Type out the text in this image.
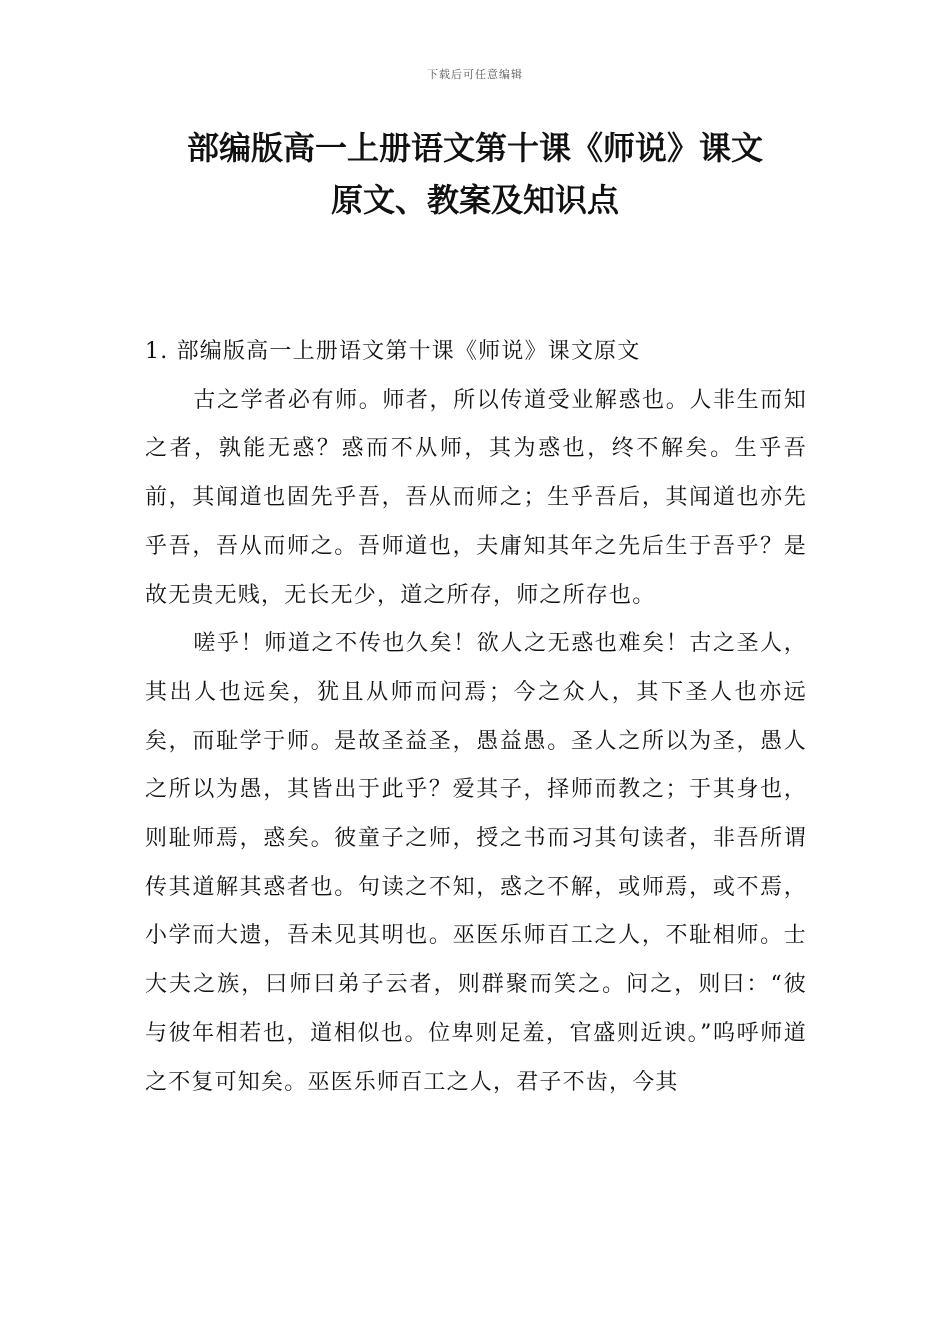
下载后可任意编辑
部编版高一上册语文第十课《师说》课文
原文、教案及知识点

1. 部编版高一上册语文第十课《师说》课文原文

古之学者必有师。师者，所以传道受业解惑也。人非生而知之者，孰能无惑？惑而不从师，其为惑也，终不解矣。生乎吾前，其闻道也固先乎吾，吾从而师之；生乎吾后，其闻道也亦先乎吾，吾从而师之。吾师道也，夫庸知其年之先后生于吾乎？是故无贵无贱，无长无少，道之所存，师之所存也。

嗟乎！师道之不传也久矣！欲人之无惑也难矣！古之圣人，其出人也远矣，犹且从师而问焉；今之众人，其下圣人也亦远矣，而耻学于师。是故圣益圣，愚益愚。圣人之所以为圣，愚人之所以为愚，其皆出于此乎？爱其子，择师而教之；于其身也，则耻师焉，惑矣。彼童子之师，授之书而习其句读者，非吾所谓传其道解其惑者也。句读之不知，惑之不解，或师焉，或不焉，小学而大遗，吾未见其明也。巫医乐师百工之人，不耻相师。士大夫之族，曰师曰弟子云者，则群聚而笑之。问之，则曰：“彼与彼年相若也，道相似也。位卑则足羞，官盛则近谀。”呜呼师道之不复可知矣。巫医乐师百工之人，君子不齿，今其
